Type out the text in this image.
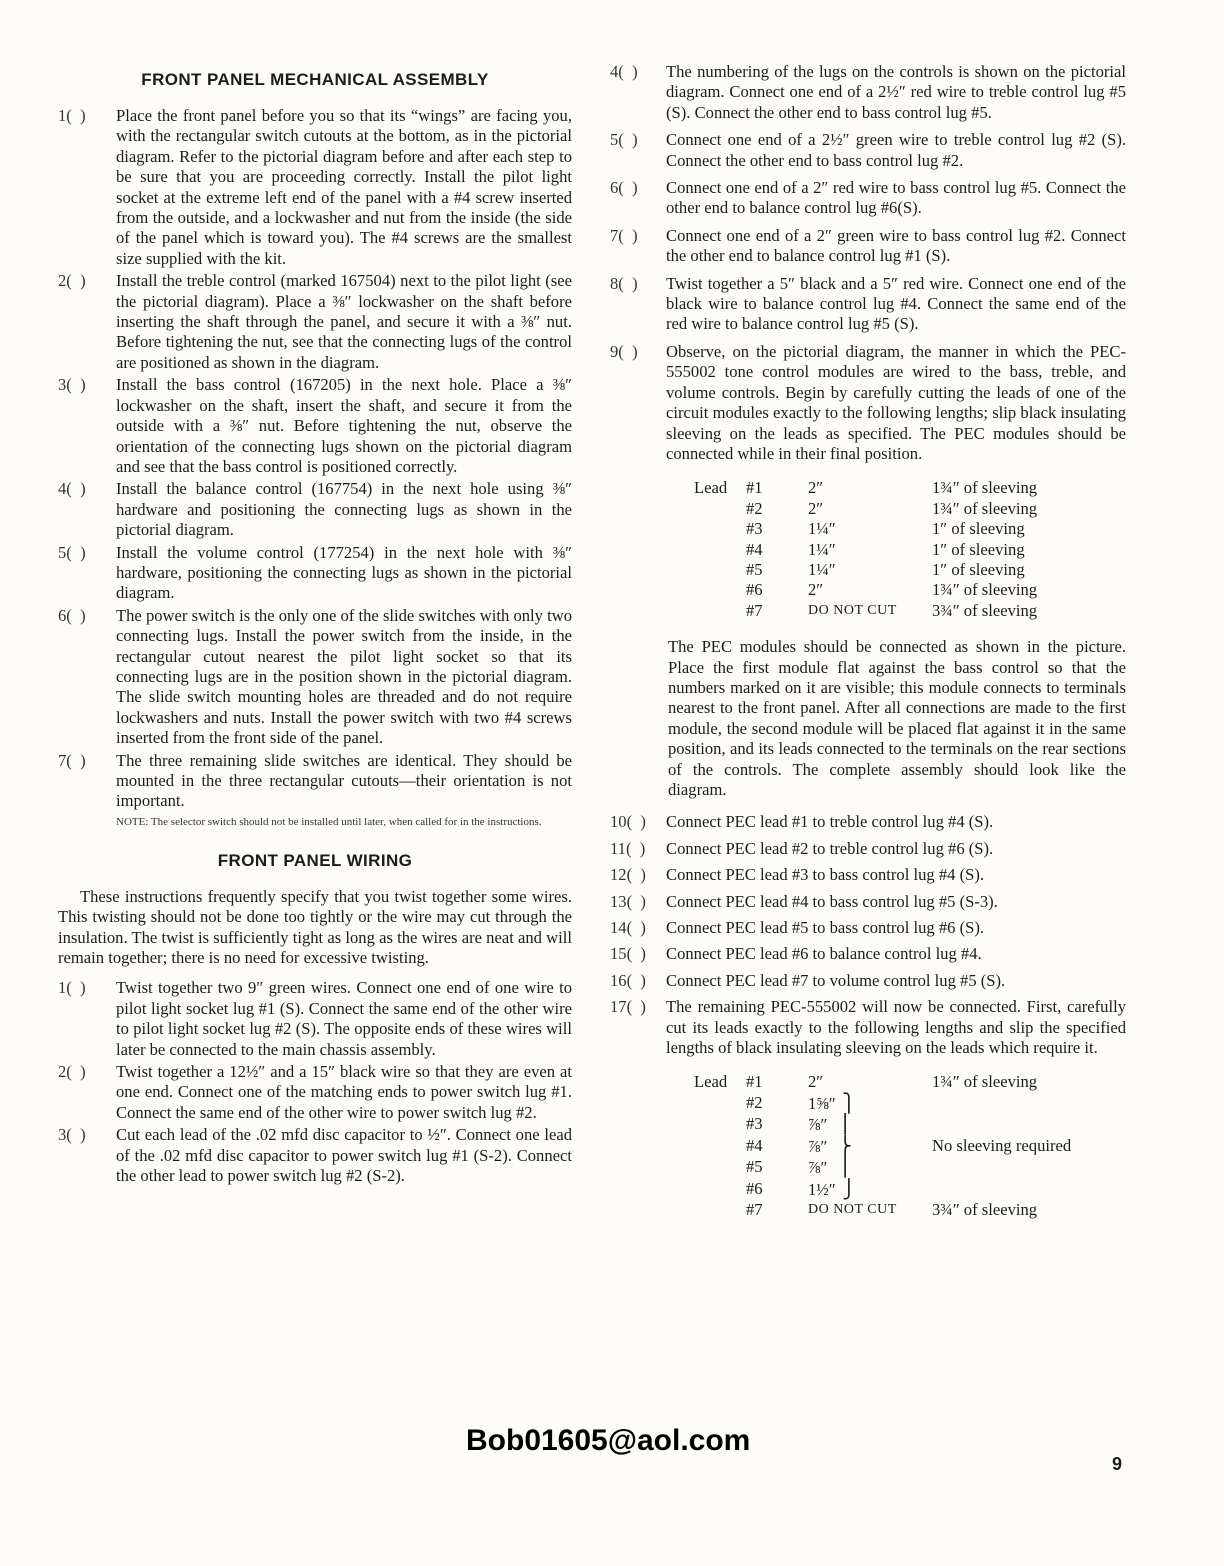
FRONT PANEL MECHANICAL ASSEMBLY
1(  )	Place the front panel before you so that its “wings” are facing you, with the rectangular switch cutouts at the bottom, as in the pictorial diagram. Refer to the pictorial diagram before and after each step to be sure that you are proceeding correctly. Install the pilot light socket at the extreme left end of the panel with a #4 screw inserted from the outside, and a lockwasher and nut from the inside (the side of the panel which is toward you). The #4 screws are the smallest size supplied with the kit.
2(  )	Install the treble control (marked 167504) next to the pilot light (see the pictorial diagram). Place a ⅜″ lockwasher on the shaft before inserting the shaft through the panel, and secure it with a ⅜″ nut. Before tightening the nut, see that the connecting lugs of the control are positioned as shown in the diagram.
3(  )	Install the bass control (167205) in the next hole. Place a ⅜″ lockwasher on the shaft, insert the shaft, and secure it from the outside with a ⅜″ nut. Before tightening the nut, observe the orientation of the connecting lugs shown on the pictorial diagram and see that the bass control is positioned correctly.
4(  )	Install the balance control (167754) in the next hole using ⅜″ hardware and positioning the connecting lugs as shown in the pictorial diagram.
5(  )	Install the volume control (177254) in the next hole with ⅜″ hardware, positioning the connecting lugs as shown in the pictorial diagram.
6(  )	The power switch is the only one of the slide switches with only two connecting lugs. Install the power switch from the inside, in the rectangular cutout nearest the pilot light socket so that its connecting lugs are in the position shown in the pictorial diagram. The slide switch mounting holes are threaded and do not require lockwashers and nuts. Install the power switch with two #4 screws inserted from the front side of the panel.
7(  )	The three remaining slide switches are identical. They should be mounted in the three rectangular cutouts—their orientation is not important.
NOTE: The selector switch should not be installed until later, when called for in the instructions.
FRONT PANEL WIRING
These instructions frequently specify that you twist together some wires. This twisting should not be done too tightly or the wire may cut through the insulation. The twist is sufficiently tight as long as the wires are neat and will remain together; there is no need for excessive twisting.
1(  )	Twist together two 9″ green wires. Connect one end of one wire to pilot light socket lug #1 (S). Connect the same end of the other wire to pilot light socket lug #2 (S). The opposite ends of these wires will later be connected to the main chassis assembly.
2(  )	Twist together a 12½″ and a 15″ black wire so that they are even at one end. Connect one of the matching ends to power switch lug #1. Connect the same end of the other wire to power switch lug #2.
3(  )	Cut each lead of the .02 mfd disc capacitor to ½″. Connect one lead of the .02 mfd disc capacitor to power switch lug #1 (S-2). Connect the other lead to power switch lug #2 (S-2).
4(  )	The numbering of the lugs on the controls is shown on the pictorial diagram. Connect one end of a 2½″ red wire to treble control lug #5 (S). Connect the other end to bass control lug #5.
5(  )	Connect one end of a 2½″ green wire to treble control lug #2 (S). Connect the other end to bass control lug #2.
6(  )	Connect one end of a 2″ red wire to bass control lug #5. Connect the other end to balance control lug #6(S).
7(  )	Connect one end of a 2″ green wire to bass control lug #2. Connect the other end to balance control lug #1 (S).
8(  )	Twist together a 5″ black and a 5″ red wire. Connect one end of the black wire to balance control lug #4. Connect the same end of the red wire to balance control lug #5 (S).
9(  )	Observe, on the pictorial diagram, the manner in which the PEC-555002 tone control modules are wired to the bass, treble, and volume controls. Begin by carefully cutting the leads of one of the circuit modules exactly to the following lengths; slip black insulating sleeving on the leads as specified. The PEC modules should be connected while in their final position.
Lead	#1	2″	1¾″ of sleeving
	#2	2″	1¾″ of sleeving
	#3	1¼″	1″ of sleeving
	#4	1¼″	1″ of sleeving
	#5	1¼″	1″ of sleeving
	#6	2″	1¾″ of sleeving
	#7	DO NOT CUT	3¾″ of sleeving
The PEC modules should be connected as shown in the picture. Place the first module flat against the bass control so that the numbers marked on it are visible; this module connects to terminals nearest to the front panel. After all connections are made to the first module, the second module will be placed flat against it in the same position, and its leads connected to the terminals on the rear sections of the controls. The complete assembly should look like the diagram.
10(  )	Connect PEC lead #1 to treble control lug #4 (S).
11(  )	Connect PEC lead #2 to treble control lug #6 (S).
12(  )	Connect PEC lead #3 to bass control lug #4 (S).
13(  )	Connect PEC lead #4 to bass control lug #5 (S-3).
14(  )	Connect PEC lead #5 to bass control lug #6 (S).
15(  )	Connect PEC lead #6 to balance control lug #4.
16(  )	Connect PEC lead #7 to volume control lug #5 (S).
17(  )	The remaining PEC-555002 will now be connected. First, carefully cut its leads exactly to the following lengths and slip the specified lengths of black insulating sleeving on the leads which require it.
Lead	#1	2″	1¾″ of sleeving
	#2	1⅝″ ⎫	
	#3	⅞″  ⎪	
	#4	⅞″  ⎬	No sleeving required
	#5	⅞″  ⎪	
	#6	1½″ ⎭	
	#7	DO NOT CUT	3¾″ of sleeving
Bob01605@aol.com
9
